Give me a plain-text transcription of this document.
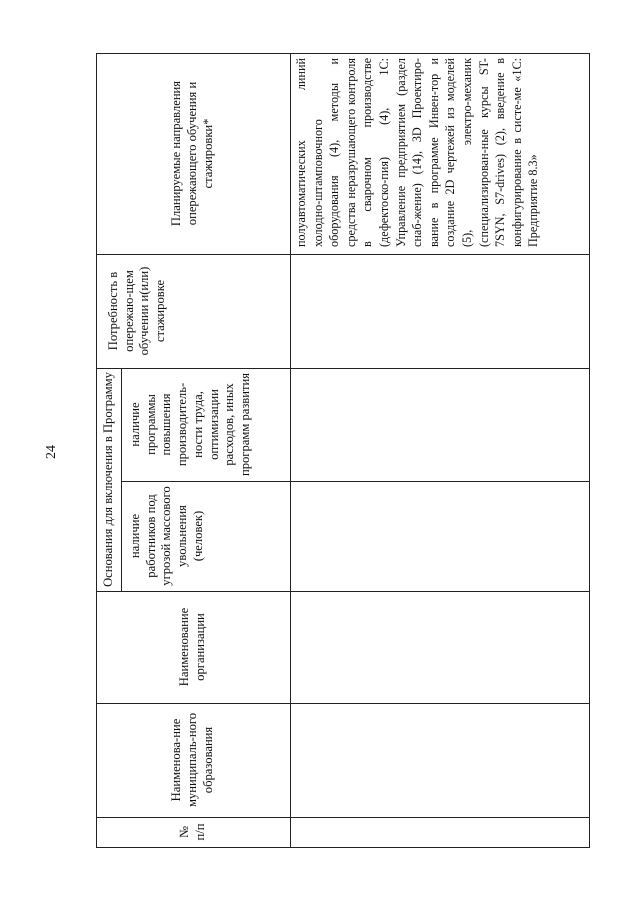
24
№ п/п
Наименова-ние муниципаль-ного образования
Наименование организации
Основания для включения в Программу	наличие работников под угрозой массового увольнения (человек)
наличие программы повышения производитель-ности труда, оптимизации расходов, иных программ развития
Потребность в опережаю-щем обучении и(или) стажировке
Планируемые направления опережающего обучения и стажировки*	полуавтоматических линий холодно-штамповочного оборудования (4), методы и средства неразрушающего контроля в сварочном производстве (дефектоско-пия) (4), 1С: Управление предприятием (раздел снаб-жение) (14), 3D Проектиро-вание в программе Инвен-тор и создание 2D чертежей из моделей (5), электро-механик (специализирован-ные курсы ST-7SYN, S7-drives) (2), введение в конфигурирование в систе-ме «1С: Предприятие 8.3»
